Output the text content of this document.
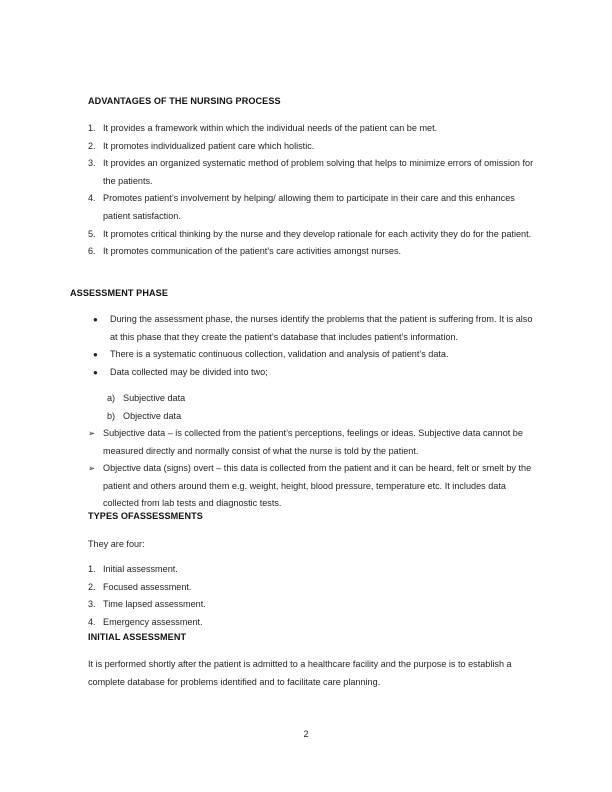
ADVANTAGES OF THE NURSING PROCESS
1. It provides a framework within which the individual needs of the patient can be met.
2. It promotes individualized patient care which holistic.
3. It provides an organized systematic method of problem solving that helps to minimize errors of omission for the patients.
4. Promotes patient’s involvement by helping/ allowing them to participate in their care and this enhances patient satisfaction.
5. It promotes critical thinking by the nurse and they develop rationale for each activity they do for the patient.
6. It promotes communication of the patient’s care activities amongst nurses.
ASSESSMENT PHASE
●	During the assessment phase, the nurses identify the problems that the patient is suffering from. It is also at this phase that they create the patient’s database that includes patient’s information.
●	There is a systematic continuous collection, validation and analysis of patient’s data.
●	Data collected may be divided into two;
a) Subjective data
b) Objective data
➢ Subjective data – is collected from the patient’s perceptions, feelings or ideas. Subjective data cannot be measured directly and normally consist of what the nurse is told by the patient.
➢ Objective data (signs) overt – this data is collected from the patient and it can be heard, felt or smelt by the patient and others around them e.g. weight, height, blood pressure, temperature etc. It includes data collected from lab tests and diagnostic tests.
TYPES OFASSESSMENTS
They are four:
1. Initial assessment.
2. Focused assessment.
3. Time lapsed assessment.
4. Emergency assessment.
INITIAL ASSESSMENT
It is performed shortly after the patient is admitted to a healthcare facility and the purpose is to establish a complete database for problems identified and to facilitate care planning.
2
